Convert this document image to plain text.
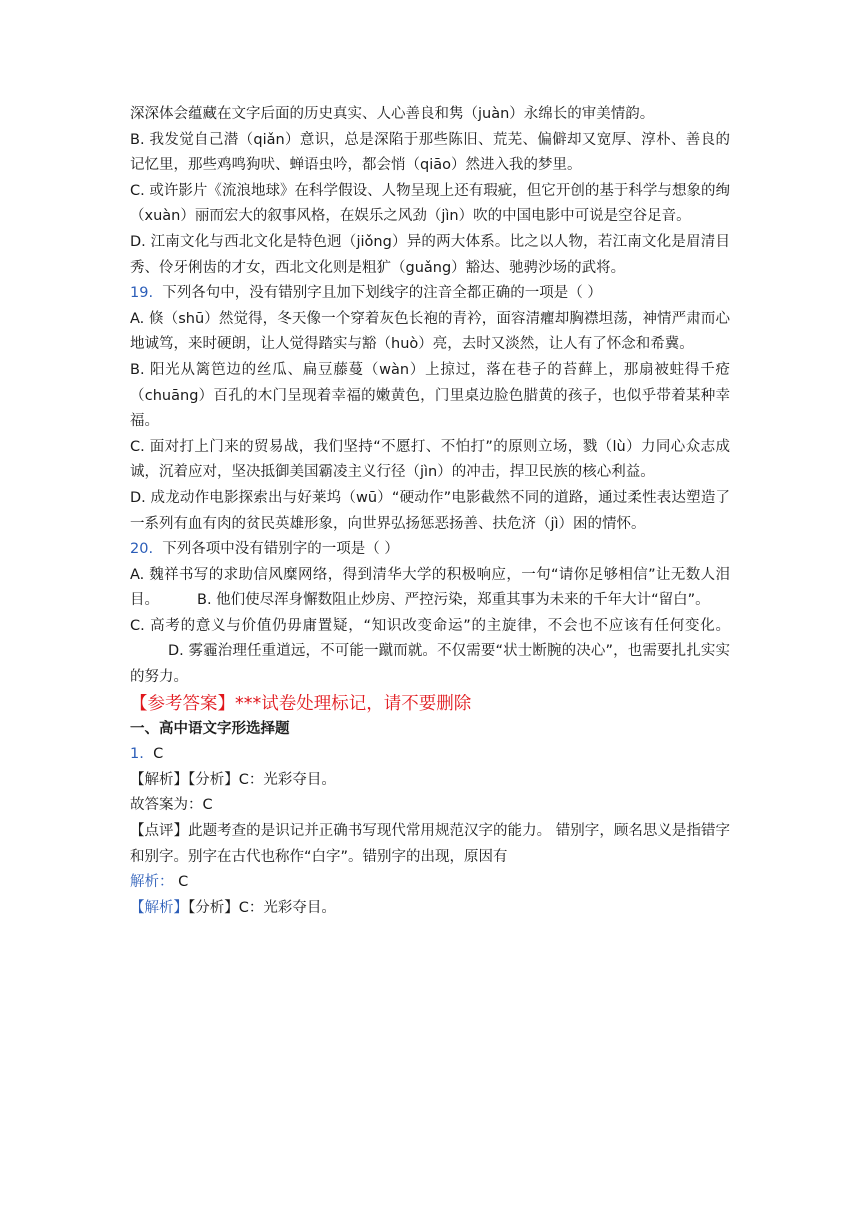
深深体会蕴藏在文字后面的历史真实、人心善良和隽（juàn）永绵长的审美情韵。

B. 我发觉自己潜（qiǎn）意识，总是深陷于那些陈旧、荒芜、偏僻却又宽厚、淳朴、善良的记忆里，那些鸡鸣狗吠、蝉语虫吟，都会悄（qiāo）然进入我的梦里。

C. 或许影片《流浪地球》在科学假设、人物呈现上还有瑕疵，但它开创的基于科学与想象的绚（xuàn）丽而宏大的叙事风格，在娱乐之风劲（jìn）吹的中国电影中可说是空谷足音。

D. 江南文化与西北文化是特色迥（jiǒng）异的两大体系。比之以人物，若江南文化是眉清目秀、伶牙俐齿的才女，西北文化则是粗犷（guǎng）豁达、驰骋沙场的武将。

19. 下列各句中，没有错别字且加下划线字的注音全都正确的一项是（ ）

A. 倏（shū）然觉得，冬天像一个穿着灰色长袍的青衿，面容清癯却胸襟坦荡，神情严肃而心地诚笃，来时硬朗，让人觉得踏实与豁（huò）亮，去时又淡然，让人有了怀念和希冀。

B. 阳光从篱笆边的丝瓜、扁豆藤蔓（wàn）上掠过，落在巷子的苔藓上，那扇被蛀得千疮（chuāng）百孔的木门呈现着幸福的嫩黄色，门里桌边脸色腊黄的孩子，也似乎带着某种幸福。

C. 面对打上门来的贸易战，我们坚持“不愿打、不怕打”的原则立场，戮（lù）力同心众志成诚，沉着应对，坚决抵御美国霸凌主义行径（jìn）的冲击，捍卫民族的核心利益。

D. 成龙动作电影探索出与好莱坞（wū）“硬动作”电影截然不同的道路，通过柔性表达塑造了一系列有血有肉的贫民英雄形象，向世界弘扬惩恶扬善、扶危济（jì）困的情怀。

20. 下列各项中没有错别字的一项是（ ）

A. 魏祥书写的求助信风糜网络，得到清华大学的积极响应，一句“请你足够相信”让无数人泪目。	B. 他们使尽浑身懈数阻止炒房、严控污染，郑重其事为未来的千年大计“留白”。

C. 高考的意义与价值仍毋庸置疑，“知识改变命运”的主旋律，不会也不应该有任何变化。D. 雾霾治理任重道远，不可能一蹴而就。不仅需要“状士断腕的决心”，也需要扎扎实实的努力。

【参考答案】***试卷处理标记，请不要删除

一、高中语文字形选择题

1. C

【解析】【分析】C：光彩夺目。

故答案为：C

【点评】此题考查的是识记并正确书写现代常用规范汉字的能力。 错别字，顾名思义是指错字和别字。别字在古代也称作“白字”。错别字的出现，原因有

解析： C

【解析】【分析】C：光彩夺目。
